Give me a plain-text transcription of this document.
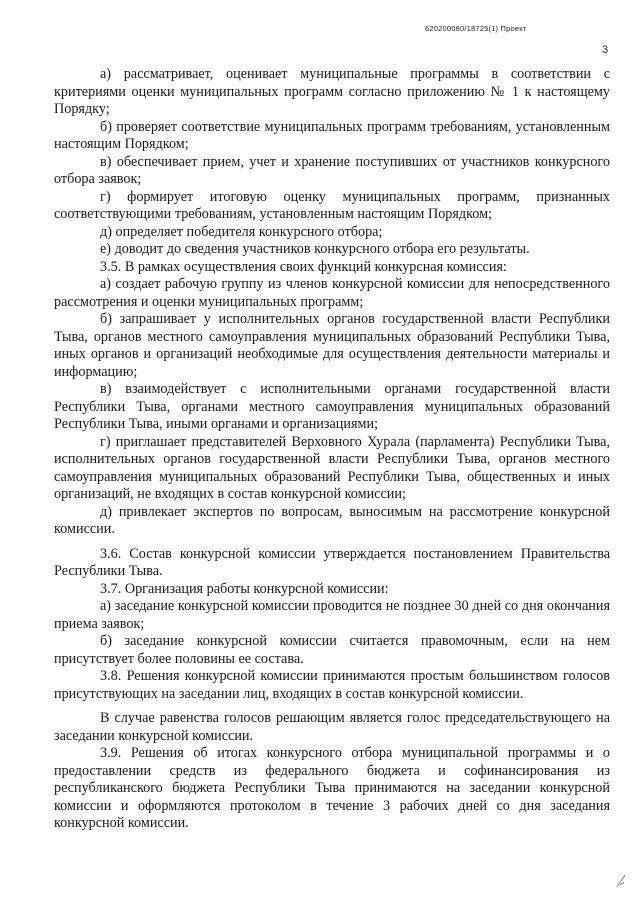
620200080/18725(1) Проект
3

а) рассматривает, оценивает муниципальные программы в соответствии с критериями оценки муниципальных программ согласно приложению № 1 к настоящему Порядку;

б) проверяет соответствие муниципальных программ требованиям, установленным настоящим Порядком;

в) обеспечивает прием, учет и хранение поступивших от участников конкурсного отбора заявок;

г) формирует итоговую оценку муниципальных программ, признанных соответствующими требованиям, установленным настоящим Порядком;

д) определяет победителя конкурсного отбора;

е) доводит до сведения участников конкурсного отбора его результаты.

3.5. В рамках осуществления своих функций конкурсная комиссия:

а) создает рабочую группу из членов конкурсной комиссии для непосредственного рассмотрения и оценки муниципальных программ;

б) запрашивает у исполнительных органов государственной власти Республики Тыва, органов местного самоуправления муниципальных образований Республики Тыва, иных органов и организаций необходимые для осуществления деятельности материалы и информацию;

в) взаимодействует с исполнительными органами государственной власти Республики Тыва, органами местного самоуправления муниципальных образований Республики Тыва, иными органами и организациями;

г) приглашает представителей Верховного Хурала (парламента) Республики Тыва, исполнительных органов государственной власти Республики Тыва, органов местного самоуправления муниципальных образований Республики Тыва, общественных и иных организаций, не входящих в состав конкурсной комиссии;

д) привлекает экспертов по вопросам, выносимым на рассмотрение конкурсной комиссии.

3.6. Состав конкурсной комиссии утверждается постановлением Правительства Республики Тыва.

3.7. Организация работы конкурсной комиссии:

а) заседание конкурсной комиссии проводится не позднее 30 дней со дня окончания приема заявок;

б) заседание конкурсной комиссии считается правомочным, если на нем присутствует более половины ее состава.

3.8. Решения конкурсной комиссии принимаются простым большинством голосов присутствующих на заседании лиц, входящих в состав конкурсной комиссии.

В случае равенства голосов решающим является голос председательствующего на заседании конкурсной комиссии.

3.9. Решения об итогах конкурсного отбора муниципальной программы и о предоставлении средств из федерального бюджета и софинансирования из республиканского бюджета Республики Тыва принимаются на заседании конкурсной комиссии и оформляются протоколом в течение 3 рабочих дней со дня заседания конкурсной комиссии.
